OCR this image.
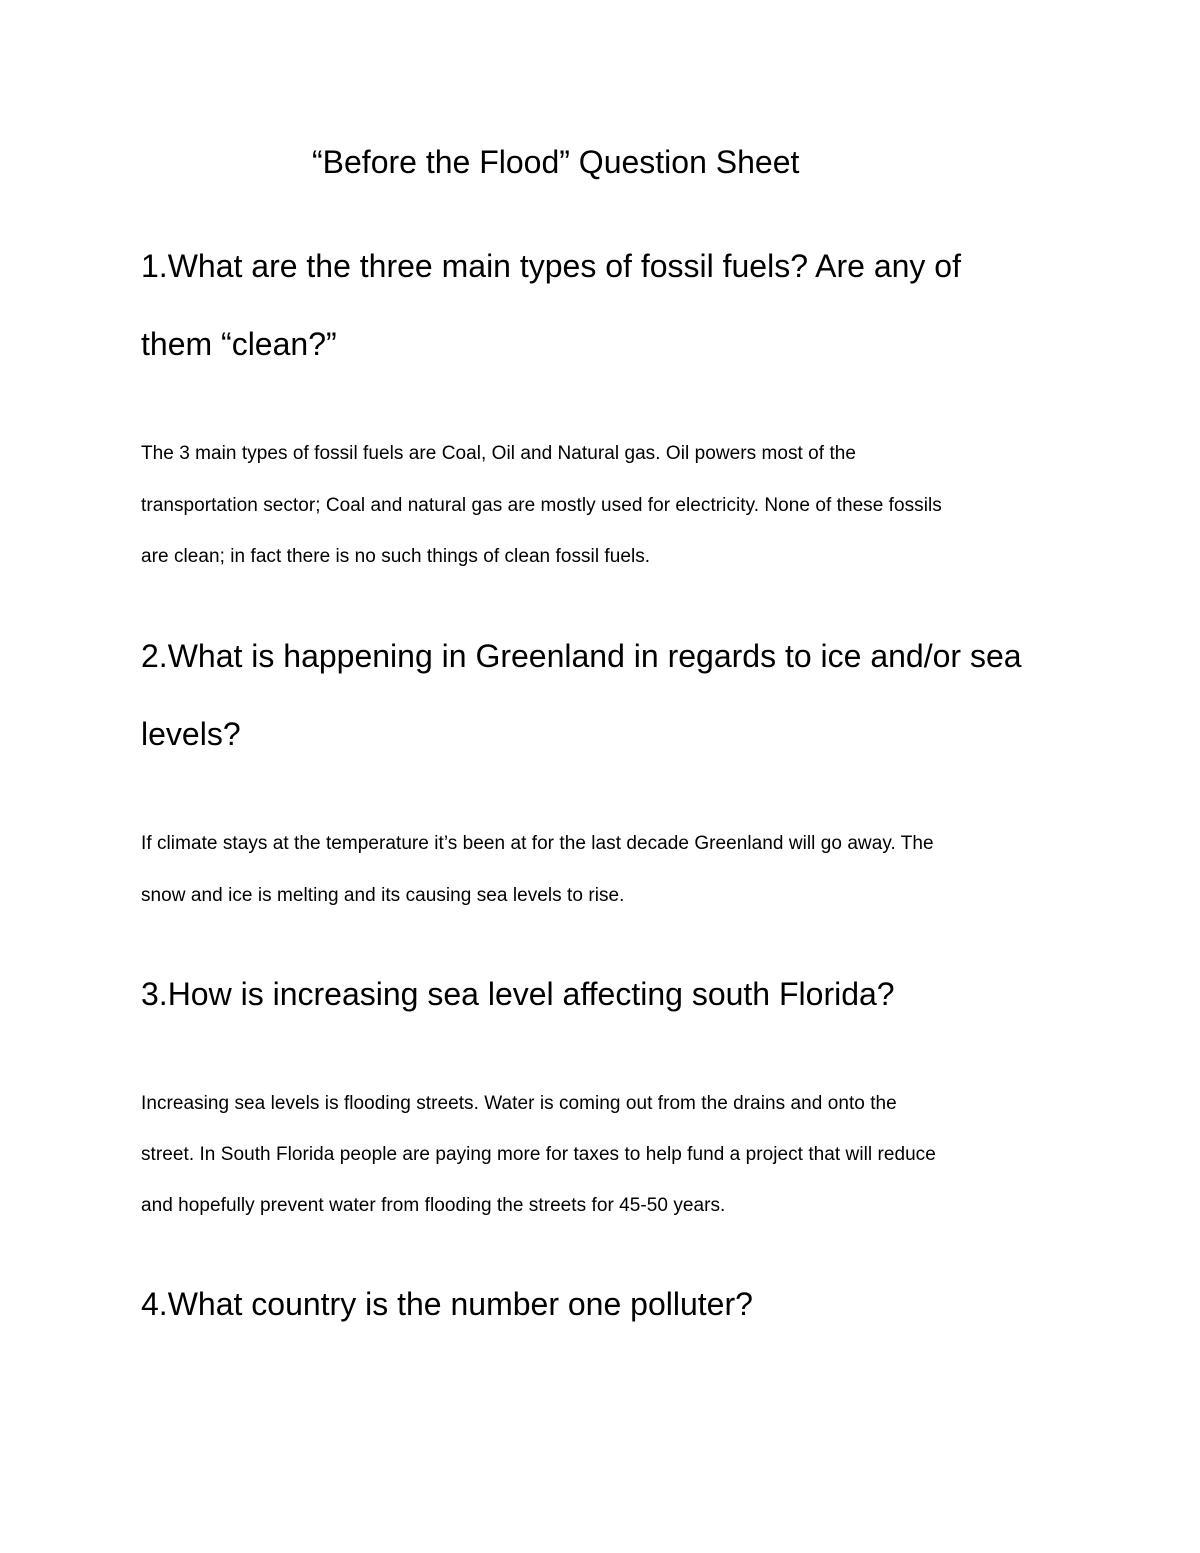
“Before the Flood” Question Sheet
1.What are the three main types of fossil fuels? Are any of
them “clean?”

The 3 main types of fossil fuels are Coal, Oil and Natural gas. Oil powers most of the

transportation sector; Coal and natural gas are mostly used for electricity. None of these fossils

are clean; in fact there is no such things of clean fossil fuels.

2.What is happening in Greenland in regards to ice and/or sea
levels?

If climate stays at the temperature it’s been at for the last decade Greenland will go away. The

snow and ice is melting and its causing sea levels to rise.

3.How is increasing sea level affecting south Florida?

Increasing sea levels is flooding streets. Water is coming out from the drains and onto the

street. In South Florida people are paying more for taxes to help fund a project that will reduce

and hopefully prevent water from flooding the streets for 45-50 years.

4.What country is the number one polluter?
